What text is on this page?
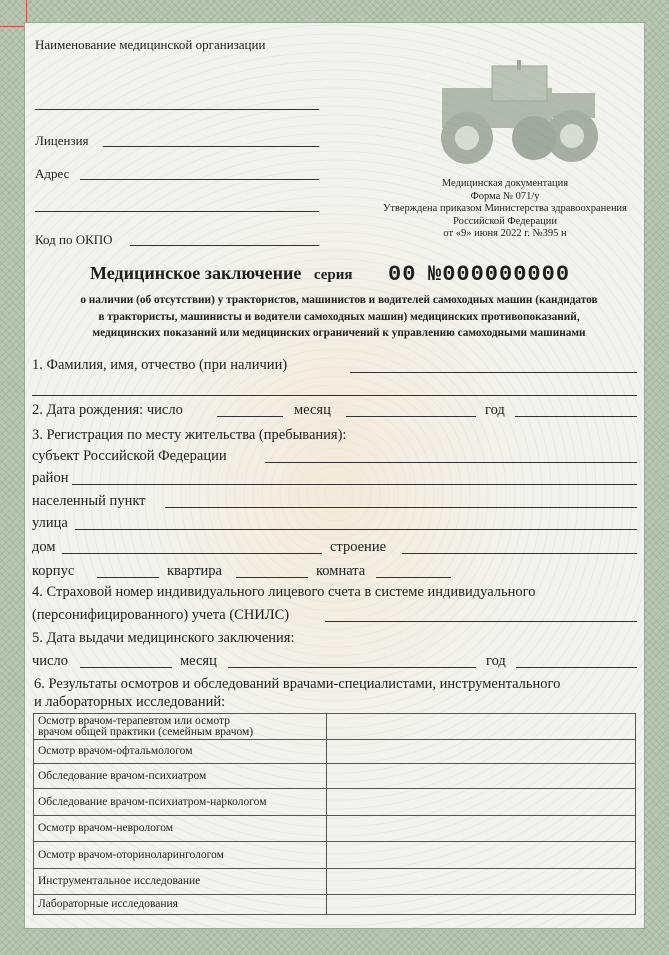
Наименование медицинской организации
Лицензия
Адрес
Код по ОКПО
Медицинская документация
Форма № 071/у
Утверждена приказом Министерства здравоохранения
Российской Федерации
от «9» июня 2022 г. №395 н
Медицинское заключение серия 00 №000000000
о наличии (об отсутствии) у трактористов, машинистов и водителей самоходных машин (кандидатов
в трактористы, машинисты и водители самоходных машин) медицинских противопоказаний,
медицинских показаний или медицинских ограничений к управлению самоходными машинами
1. Фамилия, имя, отчество (при наличии)
2. Дата рождения: число	месяц	год
3. Регистрация по месту жительства (пребывания):
субъект Российской Федерации
район
населенный пункт
улица
дом	строение
корпус	квартира	комната
4. Страховой номер индивидуального лицевого счета в системе индивидуального
(персонифицированного) учета (СНИЛС)
5. Дата выдачи медицинского заключения:
число	месяц	год
6. Результаты осмотров и обследований врачами-специалистами, инструментального
и лабораторных исследований:
Осмотр врачом-терапевтом или осмотр
врачом общей практики (семейным врачом)	

Осмотр врачом-офтальмологом	
Обследование врачом-психиатром	
Обследование врачом-психиатром-наркологом	
Осмотр врачом-неврологом	
Осмотр врачом-оториноларингологом	
Инструментальное исследование	
Лабораторные исследования	
